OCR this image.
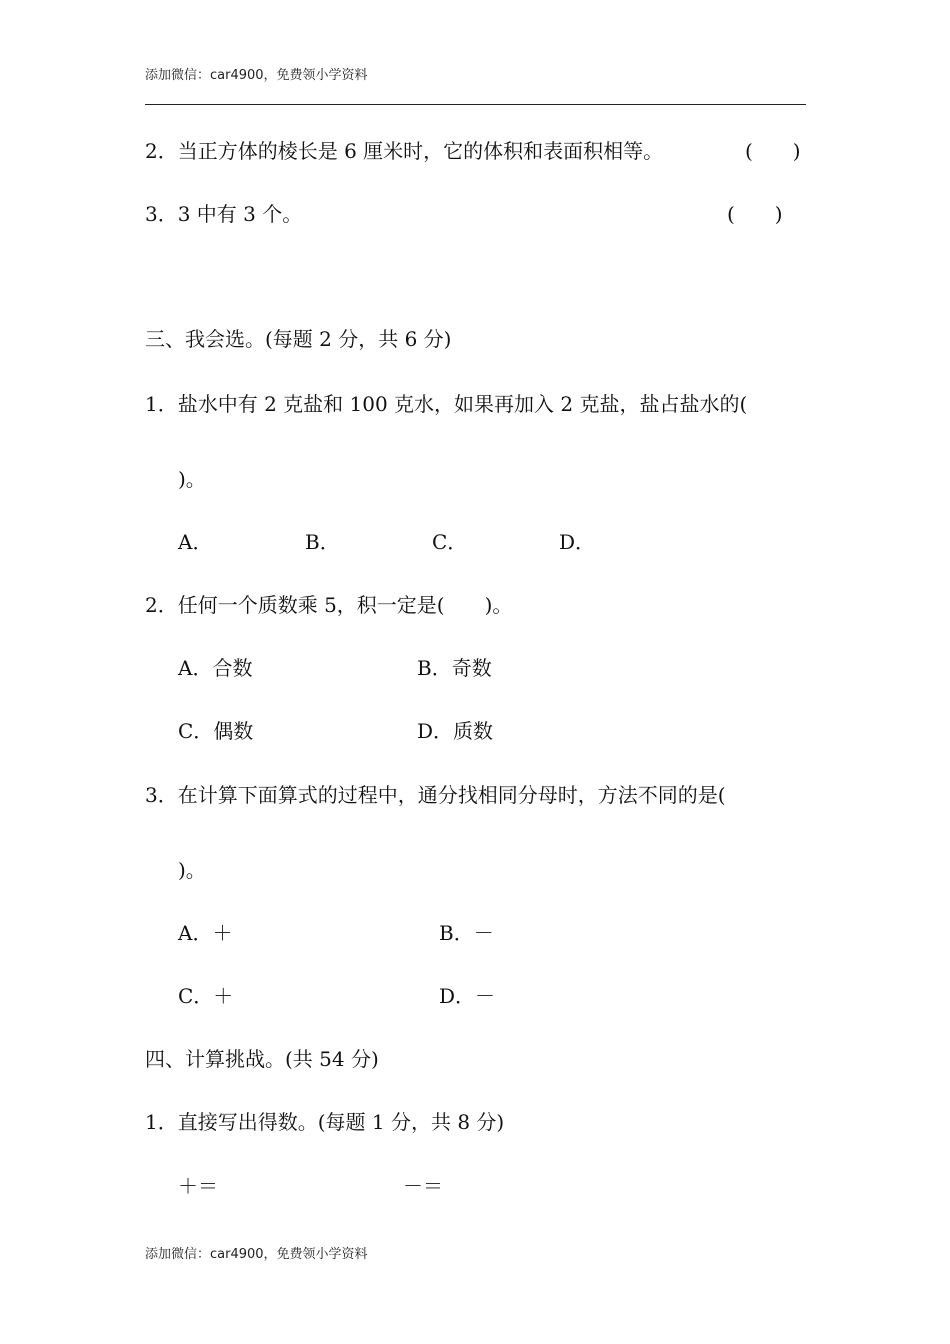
添加微信：car4900，免费领小学资料
2．当正方体的棱长是 6 厘米时，它的体积和表面积相等。	(　　)
3．3 中有 3 个。	(　　)
三、我会选。(每题 2 分，共 6 分)
1．盐水中有 2 克盐和 100 克水，如果再加入 2 克盐，盐占盐水的(
)。
A．	B．	C．	D．
2．任何一个质数乘 5，积一定是(　　)。
A．合数	B．奇数
C．偶数	D．质数
3．在计算下面算式的过程中，通分找相同分母时，方法不同的是(
)。
A．＋	B．－
C．＋	D．－
四、计算挑战。(共 54 分)
1．直接写出得数。(每题 1 分，共 8 分)
＋＝	－＝
添加微信：car4900，免费领小学资料
